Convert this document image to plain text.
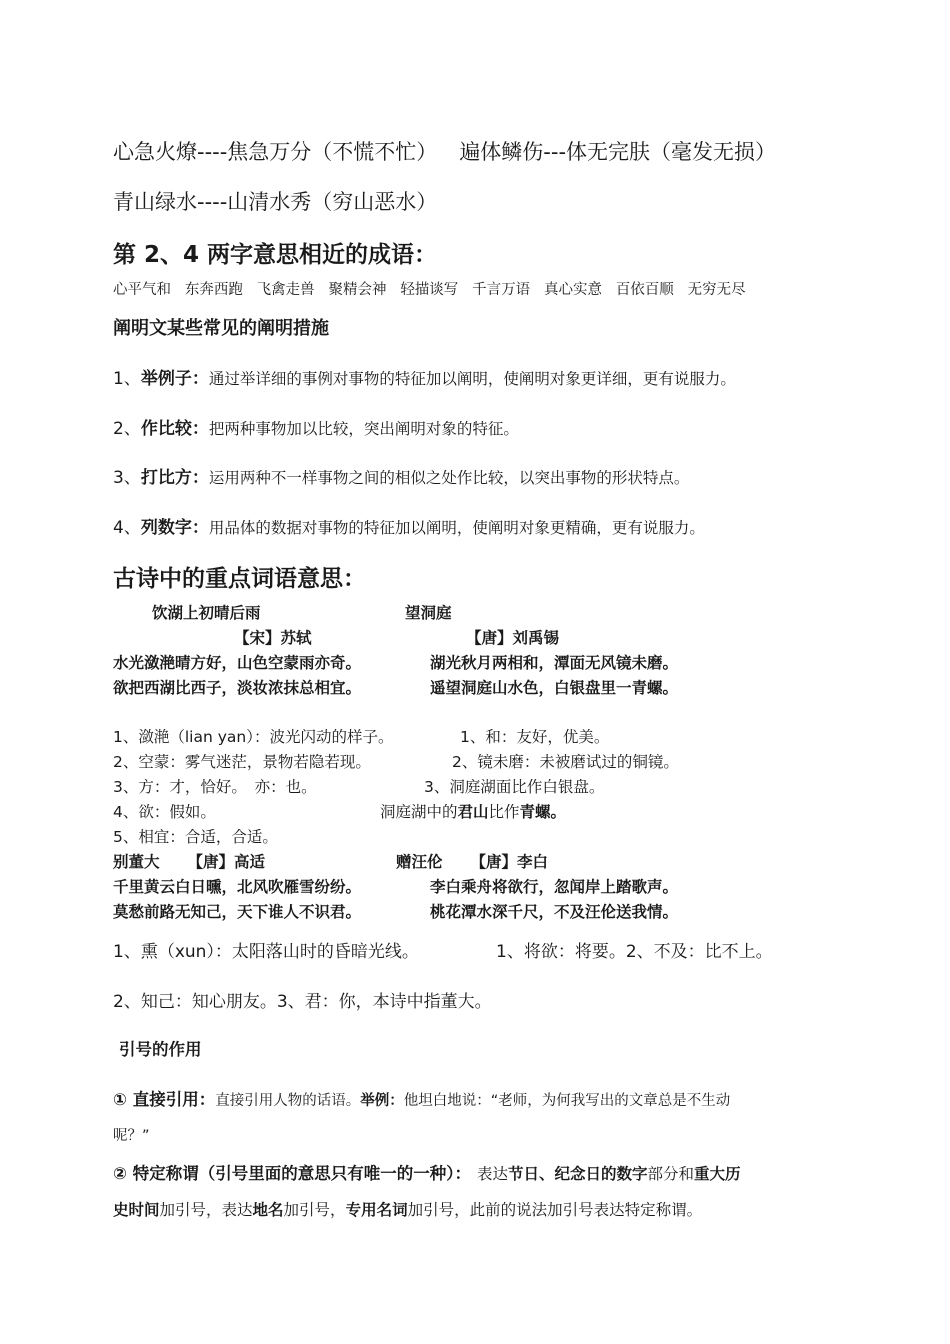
心急火燎----焦急万分（不慌不忙） 遍体鳞伤---体无完肤（毫发无损）
青山绿水----山清水秀（穷山恶水）
第 2、4 两字意思相近的成语：
心平气和 东奔西跑 飞禽走兽 聚精会神 轻描谈写 千言万语 真心实意 百依百顺 无穷无尽
阐明文某些常见的阐明措施
1、举例子：通过举详细的事例对事物的特征加以阐明，使阐明对象更详细，更有说服力。
2、作比较：把两种事物加以比较，突出阐明对象的特征。
3、打比方：运用两种不一样事物之间的相似之处作比较，以突出事物的形状特点。
4、列数字：用品体的数据对事物的特征加以阐明，使阐明对象更精确，更有说服力。
古诗中的重点词语意思：
饮湖上初晴后雨	望洞庭
【宋】苏轼	【唐】刘禹锡
水光潋滟晴方好，山色空蒙雨亦奇。	湖光秋月两相和，潭面无风镜未磨。
欲把西湖比西子，淡妆浓抹总相宜。	遥望洞庭山水色，白银盘里一青螺。
1、潋滟（lian yan）：波光闪动的样子。	1、和：友好，优美。
2、空蒙：雾气迷茫，景物若隐若现。	2、镜未磨：未被磨试过的铜镜。
3、方：才，恰好。　亦：也。	3、洞庭湖面比作白银盘。
4、欲：假如。	洞庭湖中的君山比作青螺。
5、相宜：合适，合适。
别董大 【唐】高适	赠汪伦 【唐】李白
千里黄云白日曛，北风吹雁雪纷纷。	李白乘舟将欲行，忽闻岸上踏歌声。
莫愁前路无知己，天下谁人不识君。	桃花潭水深千尺，不及汪伦送我情。
1、熏（xun）：太阳落山时的昏暗光线。	1、将欲：将要。2、不及：比不上。
2、知己：知心朋友。3、君：你，本诗中指董大。
引号的作用
① 直接引用：直接引用人物的话语。举例：他坦白地说：“老师，为何我写出的文章总是不生动
呢？”
② 特定称谓（引号里面的意思只有唯一的一种）： 表达节日、纪念日的数字部分和重大历
史时间加引号，表达地名加引号，专用名词加引号，此前的说法加引号表达特定称谓。
